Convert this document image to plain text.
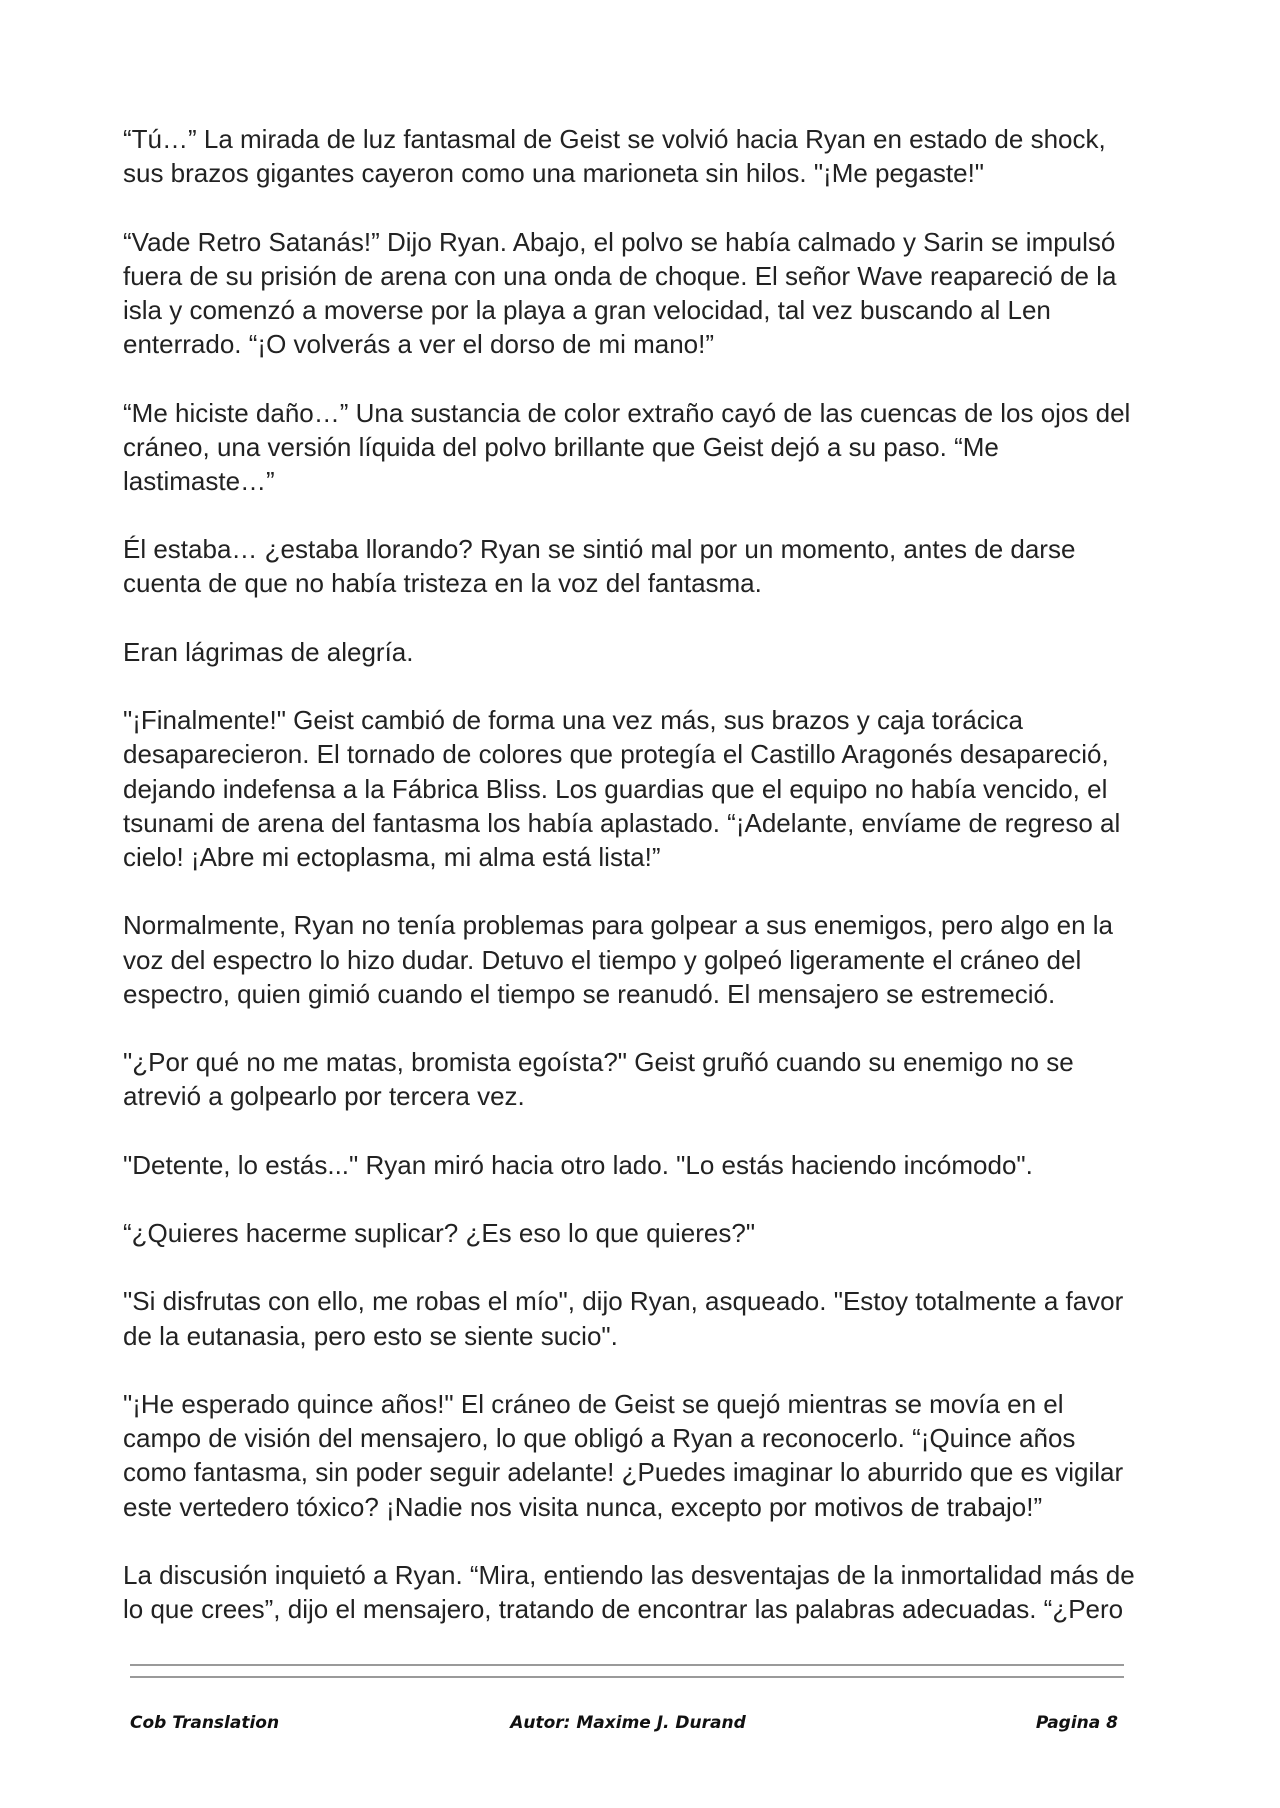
“Tú…” La mirada de luz fantasmal de Geist se volvió hacia Ryan en estado de shock,
sus brazos gigantes cayeron como una marioneta sin hilos. "¡Me pegaste!"
“Vade Retro Satanás!” Dijo Ryan. Abajo, el polvo se había calmado y Sarin se impulsó
fuera de su prisión de arena con una onda de choque. El señor Wave reapareció de la
isla y comenzó a moverse por la playa a gran velocidad, tal vez buscando al Len
enterrado. “¡O volverás a ver el dorso de mi mano!”
“Me hiciste daño…” Una sustancia de color extraño cayó de las cuencas de los ojos del
cráneo, una versión líquida del polvo brillante que Geist dejó a su paso. “Me
lastimaste…”
Él estaba… ¿estaba llorando? Ryan se sintió mal por un momento, antes de darse
cuenta de que no había tristeza en la voz del fantasma.
Eran lágrimas de alegría.
"¡Finalmente!" Geist cambió de forma una vez más, sus brazos y caja torácica
desaparecieron. El tornado de colores que protegía el Castillo Aragonés desapareció,
dejando indefensa a la Fábrica Bliss. Los guardias que el equipo no había vencido, el
tsunami de arena del fantasma los había aplastado. “¡Adelante, envíame de regreso al
cielo! ¡Abre mi ectoplasma, mi alma está lista!”
Normalmente, Ryan no tenía problemas para golpear a sus enemigos, pero algo en la
voz del espectro lo hizo dudar. Detuvo el tiempo y golpeó ligeramente el cráneo del
espectro, quien gimió cuando el tiempo se reanudó. El mensajero se estremeció.
"¿Por qué no me matas, bromista egoísta?" Geist gruñó cuando su enemigo no se
atrevió a golpearlo por tercera vez.
"Detente, lo estás..." Ryan miró hacia otro lado. "Lo estás haciendo incómodo".
“¿Quieres hacerme suplicar? ¿Es eso lo que quieres?"
"Si disfrutas con ello, me robas el mío", dijo Ryan, asqueado. "Estoy totalmente a favor
de la eutanasia, pero esto se siente sucio".
"¡He esperado quince años!" El cráneo de Geist se quejó mientras se movía en el
campo de visión del mensajero, lo que obligó a Ryan a reconocerlo. “¡Quince años
como fantasma, sin poder seguir adelante! ¿Puedes imaginar lo aburrido que es vigilar
este vertedero tóxico? ¡Nadie nos visita nunca, excepto por motivos de trabajo!”
La discusión inquietó a Ryan. “Mira, entiendo las desventajas de la inmortalidad más de
lo que crees”, dijo el mensajero, tratando de encontrar las palabras adecuadas. “¿Pero
Cob Translation	Autor: Maxime J. Durand	Pagina 8
